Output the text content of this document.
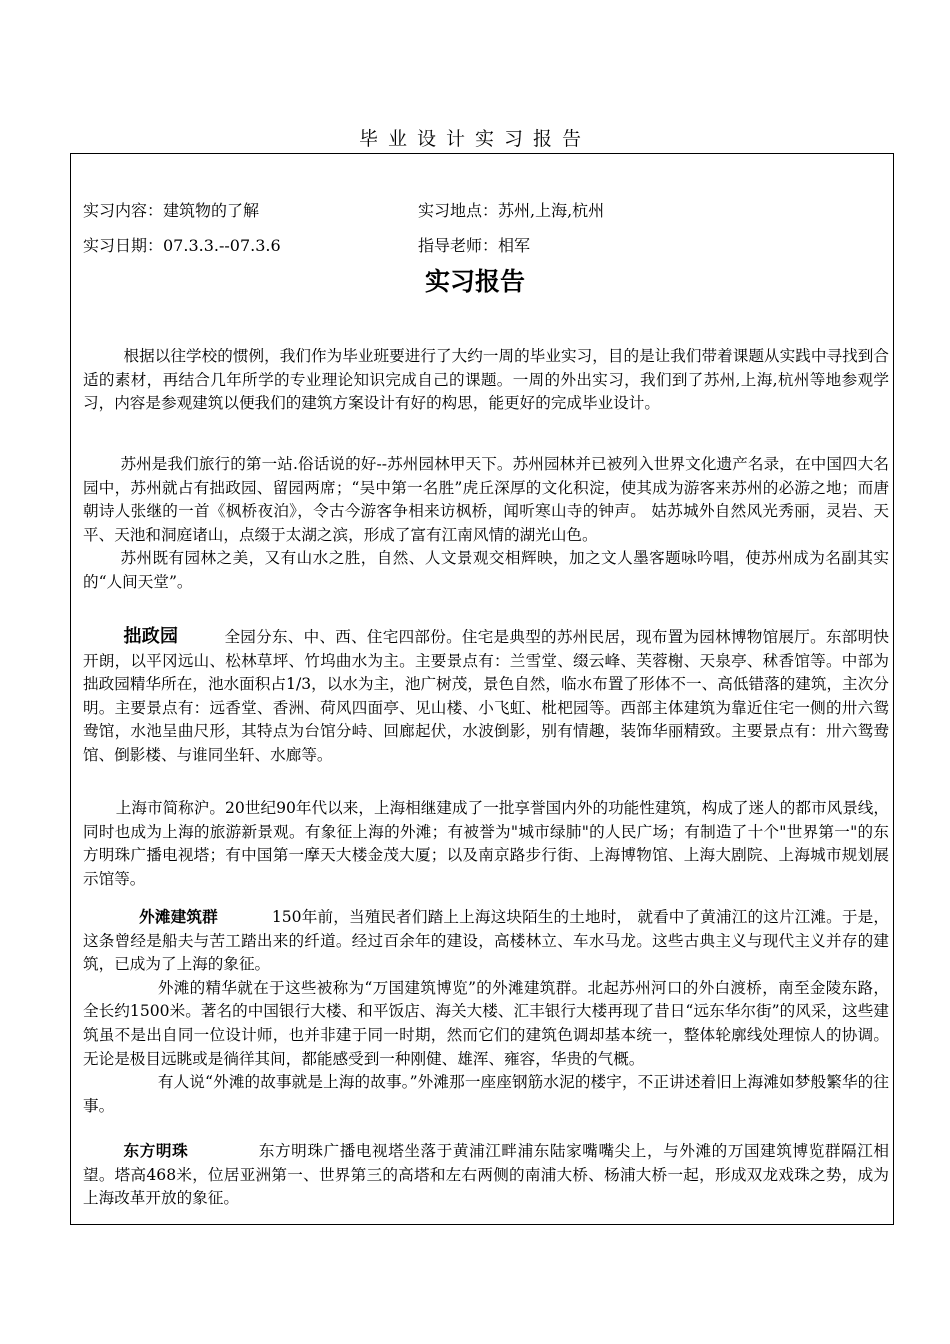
毕业设计实习报告
实习内容：建筑物的了解	实习地点：苏州,上海,杭州
实习日期：07.3.3.--07.3.6	指导老师：相军
实习报告

根据以往学校的惯例，我们作为毕业班要进行了大约一周的毕业实习，目的是让我们带着课题从实践中寻找到合适的素材，再结合几年所学的专业理论知识完成自己的课题。一周的外出实习，我们到了苏州,上海,杭州等地参观学习，内容是参观建筑以便我们的建筑方案设计有好的构思，能更好的完成毕业设计。

苏州是我们旅行的第一站.俗话说的好--苏州园林甲天下。苏州园林并已被列入世界文化遗产名录，在中国四大名园中，苏州就占有拙政园、留园两席；“吴中第一名胜”虎丘深厚的文化积淀，使其成为游客来苏州的必游之地；而唐朝诗人张继的一首《枫桥夜泊》，令古今游客争相来访枫桥，闻听寒山寺的钟声。 姑苏城外自然风光秀丽，灵岩、天平、天池和洞庭诸山，点缀于太湖之滨，形成了富有江南风情的湖光山色。

苏州既有园林之美，又有山水之胜，自然、人文景观交相辉映，加之文人墨客题咏吟唱，使苏州成为名副其实的“人间天堂”。

拙政园	全园分东、中、西、住宅四部份。住宅是典型的苏州民居，现布置为园林博物馆展厅。东部明快开朗，以平冈远山、松林草坪、竹坞曲水为主。主要景点有：兰雪堂、缀云峰、芙蓉榭、天泉亭、秫香馆等。中部为拙政园精华所在，池水面积占1/3，以水为主，池广树茂，景色自然，临水布置了形体不一、高低错落的建筑，主次分明。主要景点有：远香堂、香洲、荷风四面亭、见山楼、小飞虹、枇杷园等。西部主体建筑为靠近住宅一侧的卅六鸳鸯馆，水池呈曲尺形，其特点为台馆分峙、回廊起伏，水波倒影，别有情趣，装饰华丽精致。主要景点有：卅六鸳鸯馆、倒影楼、与谁同坐轩、水廊等。

上海市简称沪。20世纪90年代以来，上海相继建成了一批享誉国内外的功能性建筑，构成了迷人的都市风景线，同时也成为上海的旅游新景观。有象征上海的外滩；有被誉为"城市绿肺"的人民广场；有制造了十个"世界第一"的东方明珠广播电视塔；有中国第一摩天大楼金茂大厦；以及南京路步行街、上海博物馆、上海大剧院、上海城市规划展示馆等。

外滩建筑群	150年前，当殖民者们踏上上海这块陌生的土地时， 就看中了黄浦江的这片江滩。于是，这条曾经是船夫与苦工踏出来的纤道。经过百余年的建设，高楼林立、车水马龙。这些古典主义与现代主义并存的建筑，已成为了上海的象征。

外滩的精华就在于这些被称为“万国建筑博览”的外滩建筑群。北起苏州河口的外白渡桥，南至金陵东路，全长约1500米。著名的中国银行大楼、和平饭店、海关大楼、汇丰银行大楼再现了昔日“远东华尔街”的风采，这些建筑虽不是出自同一位设计师，也并非建于同一时期，然而它们的建筑色调却基本统一，整体轮廓线处理惊人的协调。无论是极目远眺或是徜徉其间，都能感受到一种刚健、雄浑、雍容，华贵的气概。

有人说“外滩的故事就是上海的故事。”外滩那一座座钢筋水泥的楼宇，不正讲述着旧上海滩如梦般繁华的往事。

东方明珠	东方明珠广播电视塔坐落于黄浦江畔浦东陆家嘴嘴尖上，与外滩的万国建筑博览群隔江相望。塔高468米，位居亚洲第一、世界第三的高塔和左右两侧的南浦大桥、杨浦大桥一起，形成双龙戏珠之势，成为上海改革开放的象征。
